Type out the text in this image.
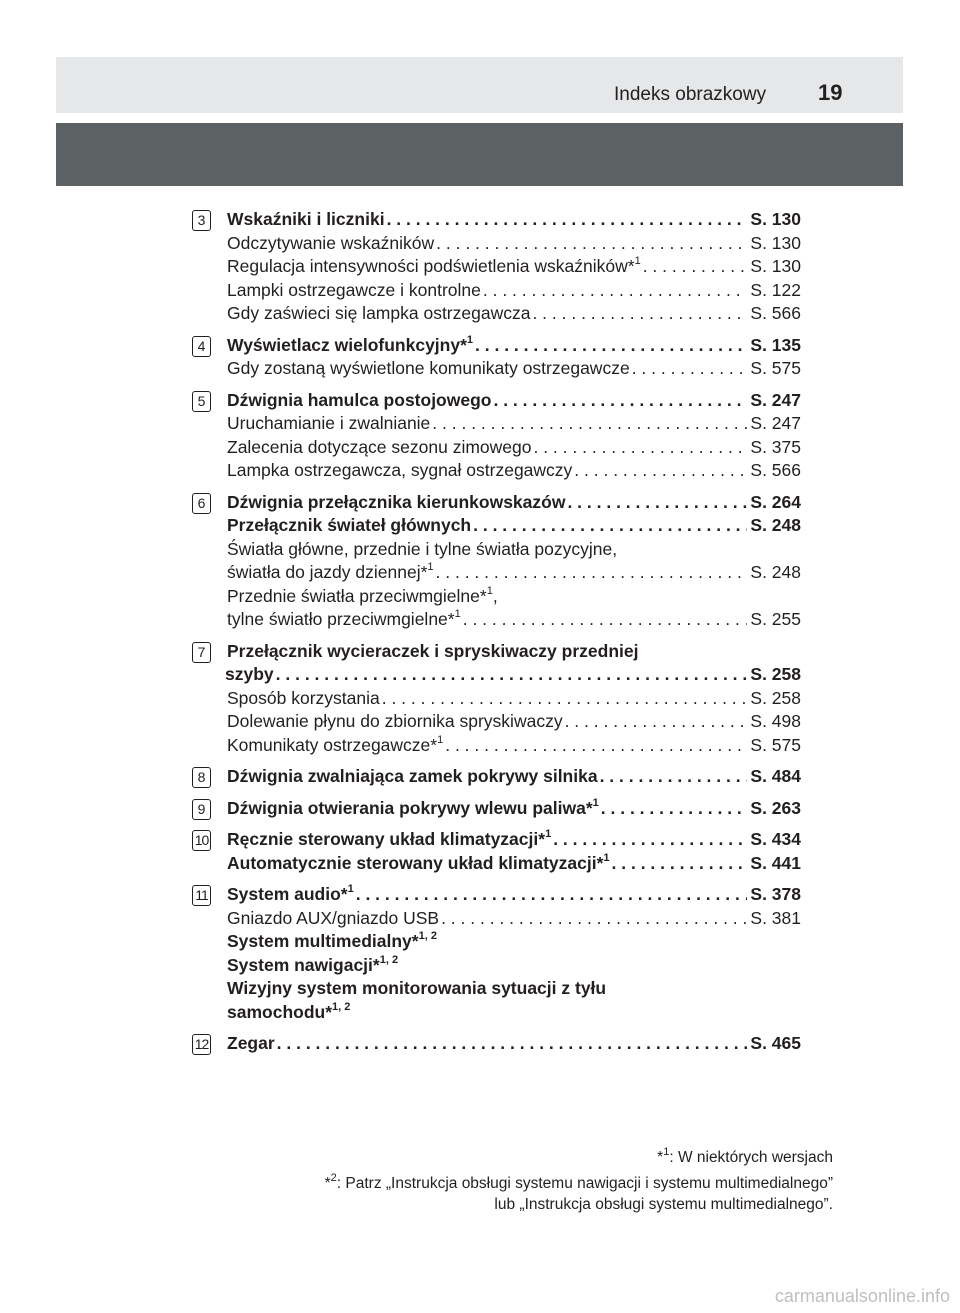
Indeks obrazkowy 19
3	Wskaźniki i liczniki . . .	S. 130
Odczytywanie wskaźników . . .	S. 130
Regulacja intensywności podświetlenia wskaźników*$^1$ . . .	S. 130
Lampki ostrzegawcze i kontrolne . . .	S. 122
Gdy zaświeci się lampka ostrzegawcza . . .	S. 566
4	Wyświetlacz wielofunkcyjny*$^1$ . . .	S. 135
Gdy zostaną wyświetlone komunikaty ostrzegawcze . . .	S. 575
5	Dźwignia hamulca postojowego . . .	S. 247
Uruchamianie i zwalnianie . . .	S. 247
Zalecenia dotyczące sezonu zimowego . . .	S. 375
Lampka ostrzegawcza, sygnał ostrzegawczy . . .	S. 566
6	Dźwignia przełącznika kierunkowskazów . . .	S. 264
Przełącznik świateł głównych . . .	S. 248
Światła główne, przednie i tylne światła pozycyjne,
światła do jazdy dziennej*$^1$ . . .	S. 248
Przednie światła przeciwmgielne*$^1$,
tylne światło przeciwmgielne*$^1$ . . .	S. 255
7	Przełącznik wycieraczek i spryskiwaczy przedniej
szyby . . .	S. 258
Sposób korzystania . . .	S. 258
Dolewanie płynu do zbiornika spryskiwaczy . . .	S. 498
Komunikaty ostrzegawcze*$^1$ . . .	S. 575
8	Dźwignia zwalniająca zamek pokrywy silnika . . .	S. 484
9	Dźwignia otwierania pokrywy wlewu paliwa*$^1$ . . .	S. 263
10 Ręcznie sterowany układ klimatyzacji*$^1$ . . .	S. 434
Automatycznie sterowany układ klimatyzacji*$^1$ . . .	S. 441
11 System audio*$^1$ . . .	S. 378
Gniazdo AUX/gniazdo USB . . .	S. 381
System multimedialny*$^{1, 2}$
System nawigacji*$^{1, 2}$
Wizyjny system monitorowania sytuacji z tyłu
samochodu*$^{1, 2}$
12 Zegar . . .	S. 465
*$^1$: W niektórych wersjach
*$^2$: Patrz „Instrukcja obsługi systemu nawigacji i systemu multimedialnego”
lub „Instrukcja obsługi systemu multimedialnego”.
carmanualsonline.info
